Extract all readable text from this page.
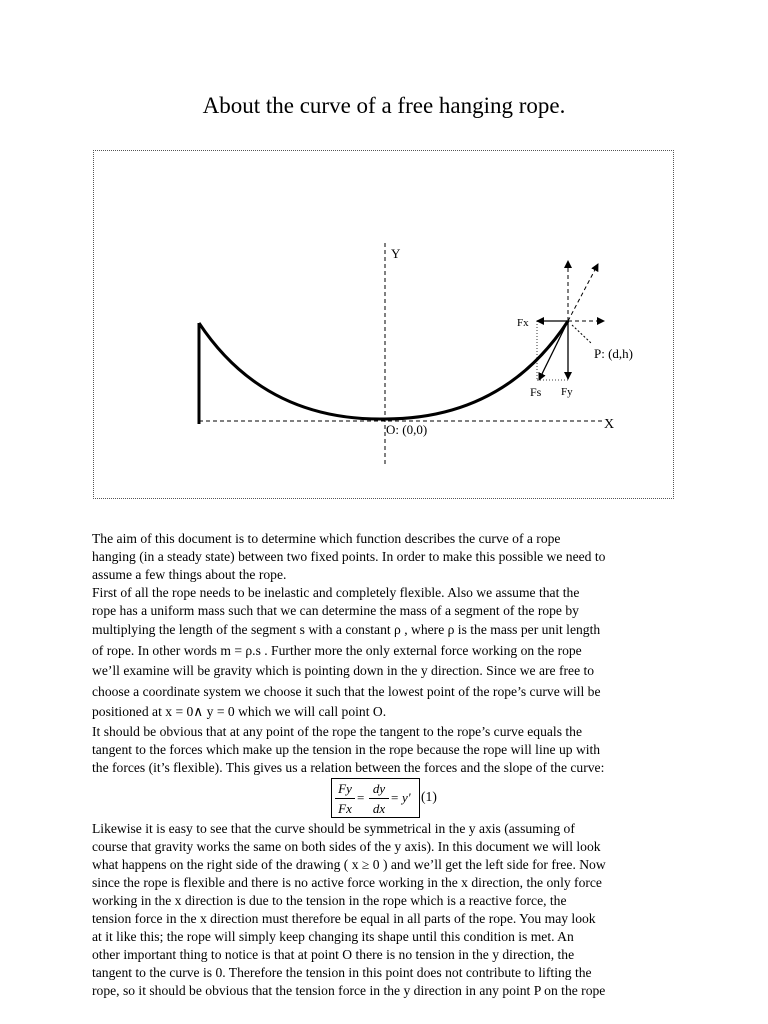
About the curve of a free hanging rope.
Y
X
O: (0,0)
P: (d,h)
Fx
Fy
Fs

The aim of this document is to determine which function describes the curve of a rope
hanging (in a steady state) between two fixed points. In order to make this possible we need to
assume a few things about the rope.

First of all the rope needs to be inelastic and completely flexible. Also we assume that the
rope has a uniform mass such that we can determine the mass of a segment of the rope by
multiplying the length of the segment s with a constant ρ , where ρ is the mass per unit length
of rope. In other words m = ρ.s . Further more the only external force working on the rope
we’ll examine will be gravity which is pointing down in the y direction. Since we are free to
choose a coordinate system we choose it such that the lowest point of the rope’s curve will be
positioned at x = 0∧ y = 0 which we will call point O.

It should be obvious that at any point of the rope the tangent to the rope’s curve equals the
tangent to the forces which make up the tension in the rope because the rope will line up with
the forces (it’s flexible). This gives us a relation between the forces and the slope of the curve:

Fy
Fx
=
dy
dx
= y' (1)

Likewise it is easy to see that the curve should be symmetrical in the y axis (assuming of
course that gravity works the same on both sides of the y axis). In this document we will look
what happens on the right side of the drawing ( x ≥ 0 ) and we’ll get the left side for free. Now
since the rope is flexible and there is no active force working in the x direction, the only force
working in the x direction is due to the tension in the rope which is a reactive force, the
tension force in the x direction must therefore be equal in all parts of the rope. You may look
at it like this; the rope will simply keep changing its shape until this condition is met. An
other important thing to notice is that at point O there is no tension in the y direction, the
tangent to the curve is 0. Therefore the tension in this point does not contribute to lifting the
rope, so it should be obvious that the tension force in the y direction in any point P on the rope
